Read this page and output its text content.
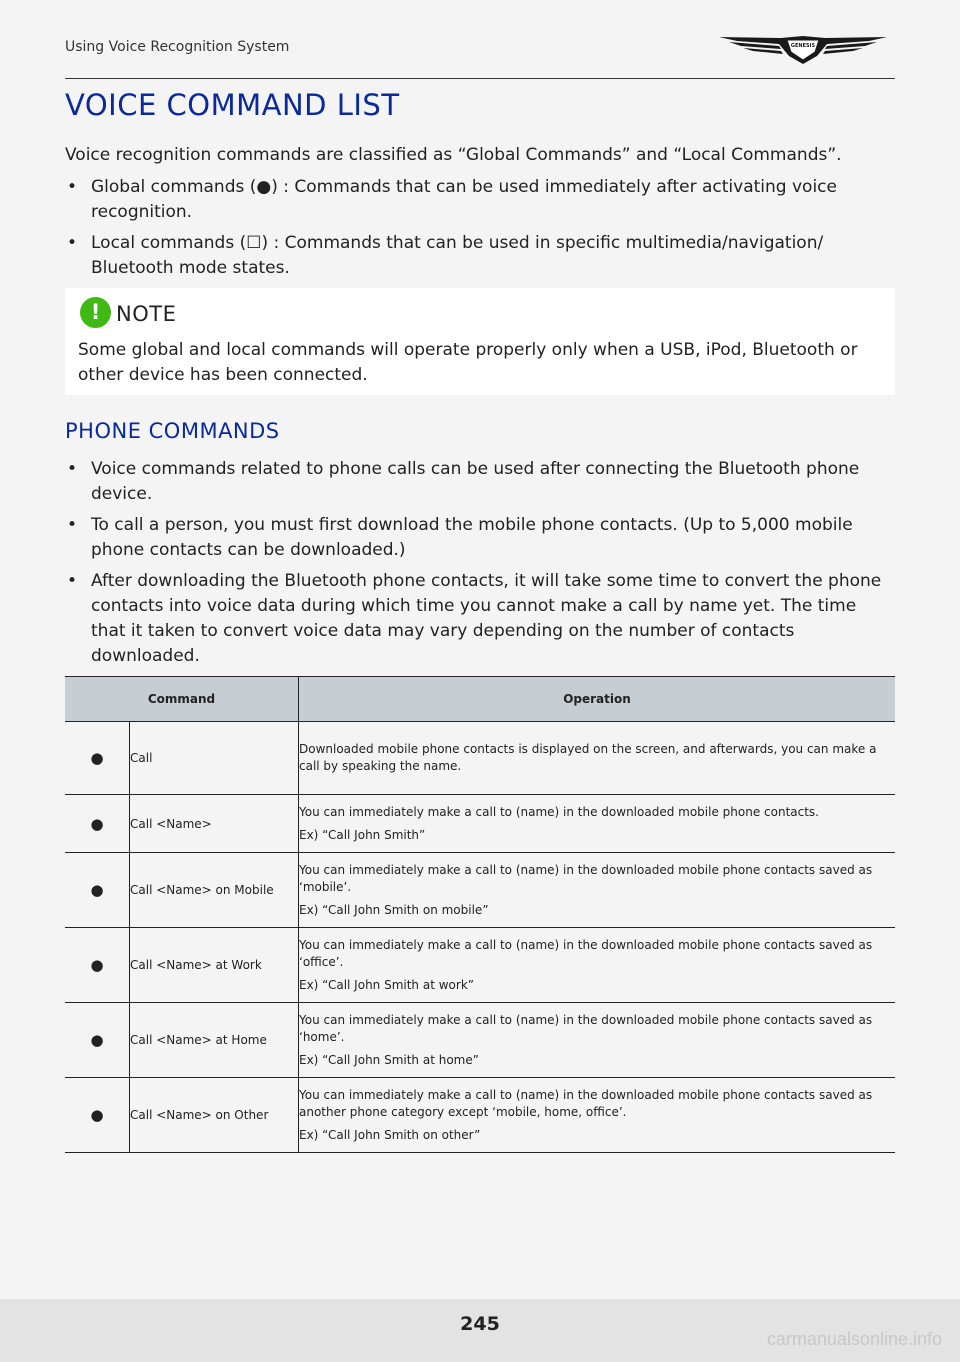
Using Voice Recognition System	GENESIS
VOICE COMMAND LIST

Voice recognition commands are classified as “Global Commands” and “Local Commands”.

• Global commands (●) : Commands that can be used immediately after activating voice recognition.
• Local commands (☐) : Commands that can be used in specific multimedia/navigation/ Bluetooth mode states.
! NOTE

Some global and local commands will operate properly only when a USB, iPod, Bluetooth or other device has been connected.

PHONE COMMANDS
• Voice commands related to phone calls can be used after connecting the Bluetooth phone device.
• To call a person, you must first download the mobile phone contacts. (Up to 5,000 mobile phone contacts can be downloaded.)
• After downloading the Bluetooth phone contacts, it will take some time to convert the phone contacts into voice data during which time you cannot make a call by name yet. The time that it taken to convert voice data may vary depending on the number of contacts downloaded.
Command		Operation
●	Call	Downloaded mobile phone contacts is displayed on the screen, and afterwards, you can make a call by speaking the name.

●	Call <Name>	You can immediately make a call to (name) in the downloaded mobile phone contacts.

Ex) “Call John Smith”

●	Call <Name> on Mobile	You can immediately make a call to (name) in the downloaded mobile phone contacts saved as ‘mobile’.

Ex) “Call John Smith on mobile”

●	Call <Name> at Work	You can immediately make a call to (name) in the downloaded mobile phone contacts saved as ‘office’.

Ex) “Call John Smith at work”

●	Call <Name> at Home	You can immediately make a call to (name) in the downloaded mobile phone contacts saved as ‘home’.

Ex) “Call John Smith at home”

●	Call <Name> on Other	You can immediately make a call to (name) in the downloaded mobile phone contacts saved as another phone category except ‘mobile, home, office’.

Ex) “Call John Smith on other”

245
carmanualsonline.info
